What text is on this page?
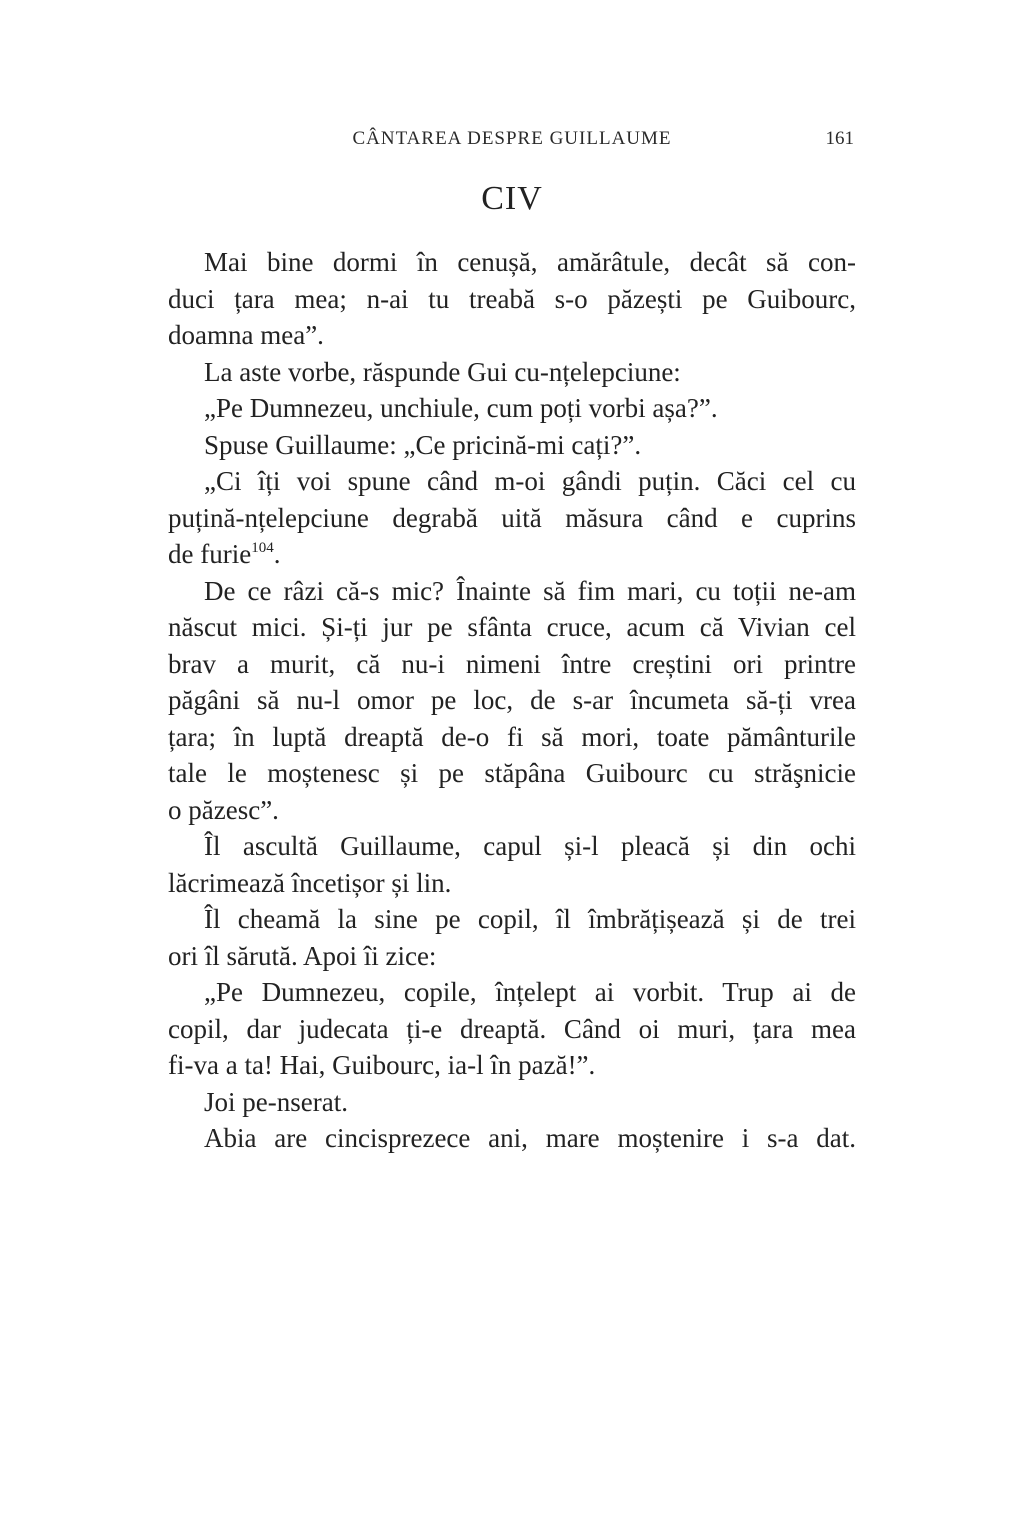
CÂNTAREA DESPRE GUILLAUME	161
CIV
Mai bine dormi în cenușă, amărâtule, decât să con-
duci țara mea; n-ai tu treabă s-o păzești pe Guibourc,
doamna mea”.
La aste vorbe, răspunde Gui cu-nțelepciune:
„Pe Dumnezeu, unchiule, cum poți vorbi așa?”.
Spuse Guillaume: „Ce pricină-mi cați?”.
„Ci îți voi spune când m-oi gândi puțin. Căci cel cu
puțină-nțelepciune degrabă uită măsura când e cuprins
de furie$^{104}$.
De ce râzi că-s mic? Înainte să fim mari, cu toții ne-am
născut mici. Și-ți jur pe sfânta cruce, acum că Vivian cel
brav a murit, că nu-i nimeni între creștini ori printre
păgâni să nu-l omor pe loc, de s-ar încumeta să-ți vrea
țara; în luptă dreaptă de-o fi să mori, toate pământurile
tale le moștenesc și pe stăpâna Guibourc cu străşnicie
o păzesc”.
Îl ascultă Guillaume, capul și-l pleacă și din ochi
lăcrimează încetișor și lin.
Îl cheamă la sine pe copil, îl îmbrățișează și de trei
ori îl sărută. Apoi îi zice:
„Pe Dumnezeu, copile, înțelept ai vorbit. Trup ai de
copil, dar judecata ți-e dreaptă. Când oi muri, țara mea
fi-va a ta! Hai, Guibourc, ia-l în pază!”.
Joi pe-nserat.
Abia are cincisprezece ani, mare moștenire i s-a dat.
